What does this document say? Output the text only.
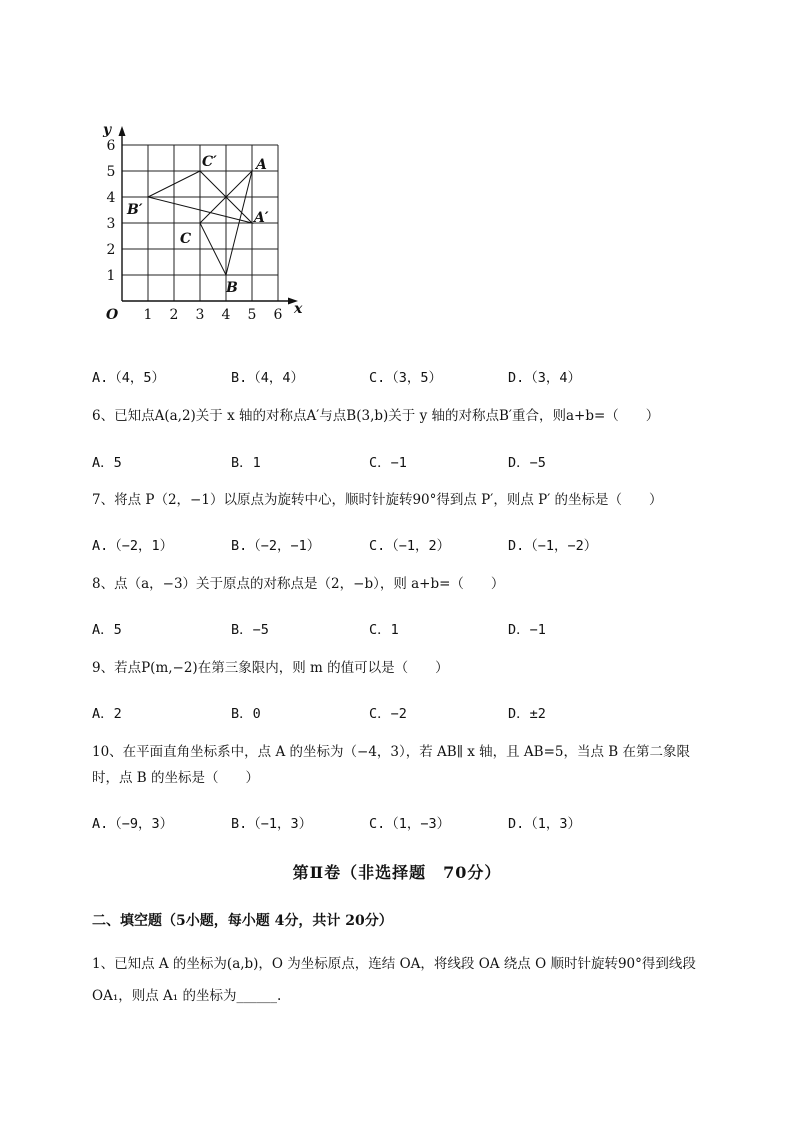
y
x
O
A
A′
B
B′
C
C′
1 2 3 4 5 6
1
2
3
4
5
6
A.（4，5）	B.（4，4）	C.（3，5）	D.（3，4）
6、已知点A(a,2)关于 x 轴的对称点A′与点B(3,b)关于 y 轴的对称点B′重合，则a+b=（　　）
A．5	B．1	C．−1	D．−5
7、将点 P（2，−1）以原点为旋转中心，顺时针旋转90°得到点 P′，则点 P′ 的坐标是（　　）
A.（−2，1）	B.（−2，−1）	C.（−1，2）	D.（−1，−2）
8、点（a，−3）关于原点的对称点是（2，−b），则 a+b=（　　）
A．5	B．−5	C．1	D．−1
9、若点P(m,−2)在第三象限内，则 m 的值可以是（　　）
A．2	B．0	C．−2	D．±2
10、在平面直角坐标系中，点 A 的坐标为（−4，3），若 AB∥ x 轴，且 AB=5，当点 B 在第二象限
时，点 B 的坐标是（　　）
A.（−9，3）	B.（−1，3）	C.（1，−3）	D.（1，3）
第Ⅱ卷（非选择题　70分）
二、填空题（5小题，每小题 4分，共计 20分）
1、已知点 A 的坐标为(a,b)，O 为坐标原点，连结 OA，将线段 OA 绕点 O 顺时针旋转90°得到线段
OA₁，则点 A₁ 的坐标为______.
